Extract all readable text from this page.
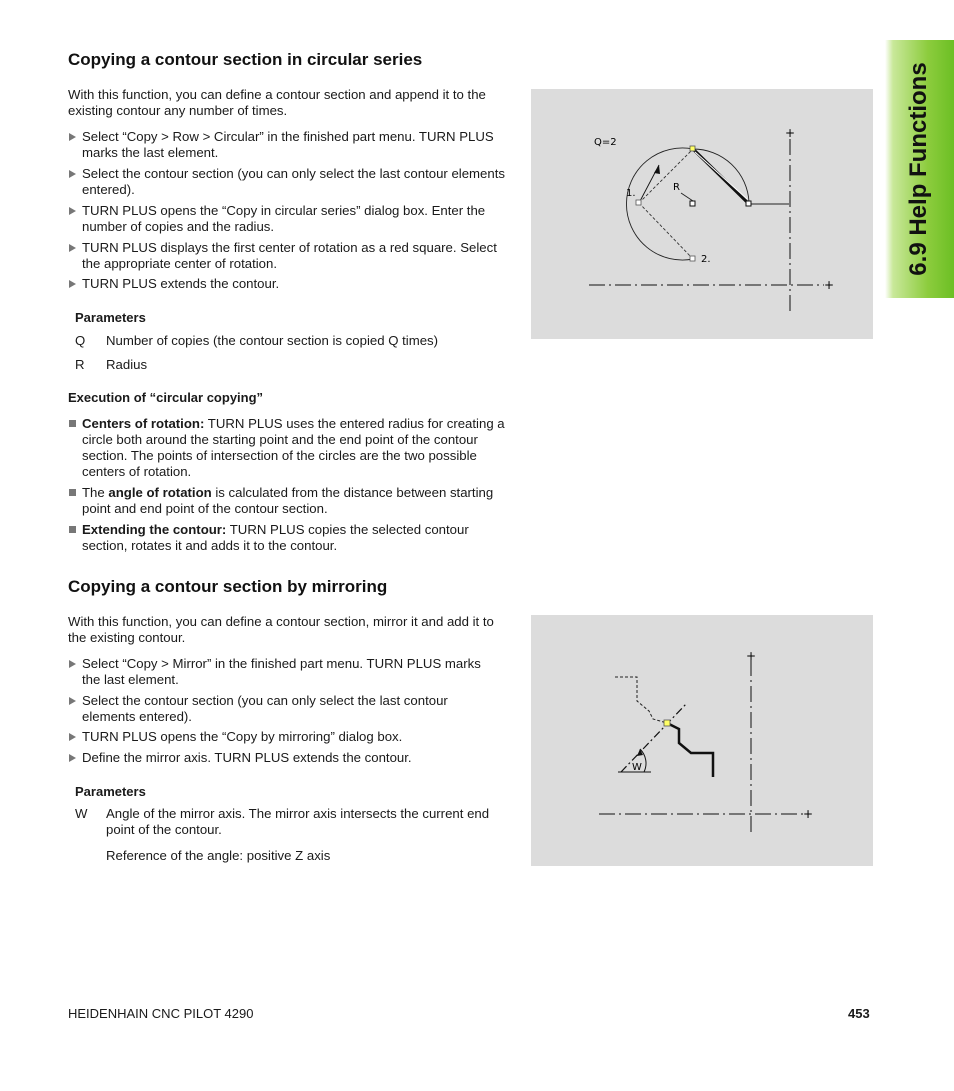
6.9 Help Functions
Copying a contour section in circular series
With this function, you can define a contour section and append it to the existing contour any number of times.
Select “Copy > Row > Circular” in the finished part menu. TURN PLUS marks the last element.
Select the contour section (you can only select the last contour elements entered).
TURN PLUS opens the “Copy in circular series” dialog box. Enter the number of copies and the radius.
TURN PLUS displays the first center of rotation as a red square. Select the appropriate center of rotation.
TURN PLUS extends the contour.
Parameters
Q Number of copies (the contour section is copied Q times)
R Radius
Execution of “circular copying”
Centers of rotation: TURN PLUS uses the entered radius for creating a circle both around the starting point and the end point of the contour section. The points of intersection of the circles are the two possible centers of rotation.
The angle of rotation is calculated from the distance between starting point and end point of the contour section.
Extending the contour: TURN PLUS copies the selected contour section, rotates it and adds it to the contour.
+
+
Q=2
R
1.
2.
Copying a contour section by mirroring
With this function, you can define a contour section, mirror it and add it to the existing contour.
Select “Copy > Mirror” in the finished part menu. TURN PLUS marks the last element.
Select the contour section (you can only select the last contour elements entered).
TURN PLUS opens the “Copy by mirroring” dialog box.
Define the mirror axis. TURN PLUS extends the contour.
Parameters
W Angle of the mirror axis. The mirror axis intersects the current end point of the contour.
Reference of the angle: positive Z axis
+
+
W
HEIDENHAIN CNC PILOT 4290	453
